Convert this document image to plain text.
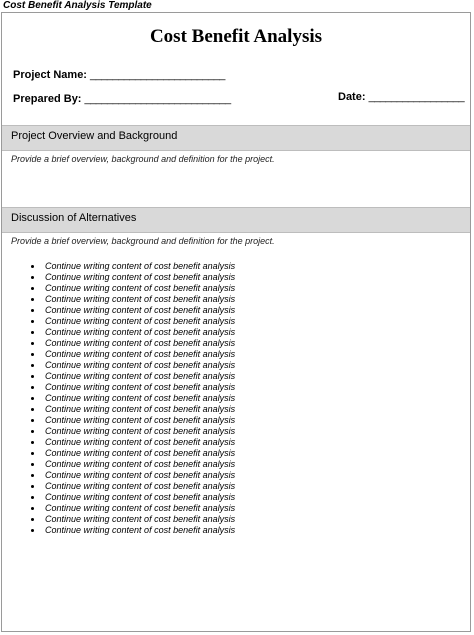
Cost Benefit Analysis Template
Cost Benefit Analysis
Project Name: ________________________
Prepared By: __________________________	Date: _________________
Project Overview and Background
Provide a brief overview, background and definition for the project.
Discussion of Alternatives
Provide a brief overview, background and definition for the project.
Continue writing content of cost benefit analysis
Continue writing content of cost benefit analysis
Continue writing content of cost benefit analysis
Continue writing content of cost benefit analysis
Continue writing content of cost benefit analysis
Continue writing content of cost benefit analysis
Continue writing content of cost benefit analysis
Continue writing content of cost benefit analysis
Continue writing content of cost benefit analysis
Continue writing content of cost benefit analysis
Continue writing content of cost benefit analysis
Continue writing content of cost benefit analysis
Continue writing content of cost benefit analysis
Continue writing content of cost benefit analysis
Continue writing content of cost benefit analysis
Continue writing content of cost benefit analysis
Continue writing content of cost benefit analysis
Continue writing content of cost benefit analysis
Continue writing content of cost benefit analysis
Continue writing content of cost benefit analysis
Continue writing content of cost benefit analysis
Continue writing content of cost benefit analysis
Continue writing content of cost benefit analysis
Continue writing content of cost benefit analysis
Continue writing content of cost benefit analysis
